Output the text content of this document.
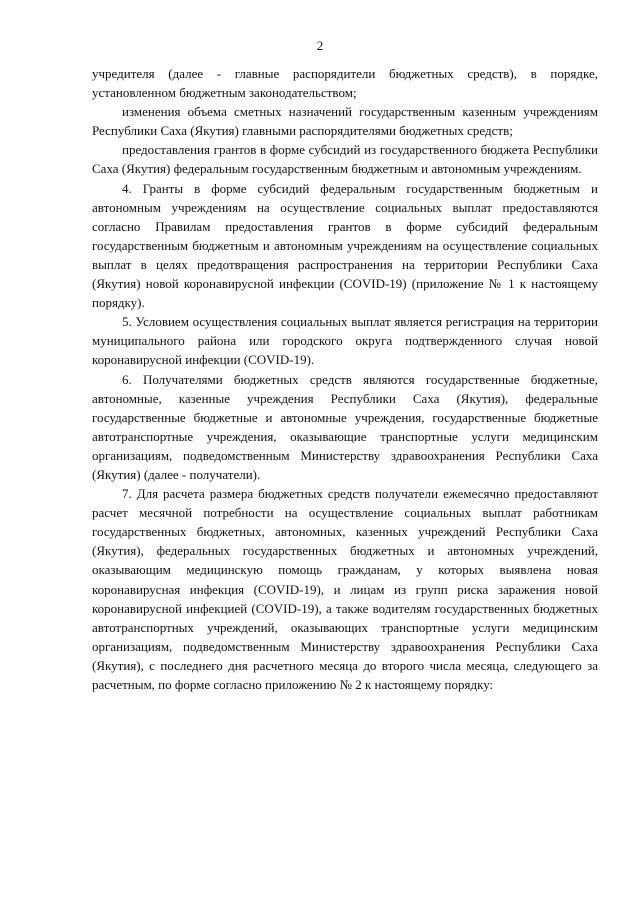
2

учредителя (далее - главные распорядители бюджетных средств), в порядке, установленном бюджетным законодательством;

изменения объема сметных назначений государственным казенным учреждениям Республики Саха (Якутия) главными распорядителями бюджетных средств;

предоставления грантов в форме субсидий из государственного бюджета Республики Саха (Якутия) федеральным государственным бюджетным и автономным учреждениям.

4. Гранты в форме субсидий федеральным государственным бюджетным и автономным учреждениям на осуществление социальных выплат предоставляются согласно Правилам предоставления грантов в форме субсидий федеральным государственным бюджетным и автономным учреждениям на осуществление социальных выплат в целях предотвращения распространения на территории Республики Саха (Якутия) новой коронавирусной инфекции (COVID-19) (приложение № 1 к настоящему порядку).

5. Условием осуществления социальных выплат является регистрация на территории муниципального района или городского округа подтвержденного случая новой коронавирусной инфекции (COVID-19).

6. Получателями бюджетных средств являются государственные бюджетные, автономные, казенные учреждения Республики Саха (Якутия), федеральные государственные бюджетные и автономные учреждения, государственные бюджетные автотранспортные учреждения, оказывающие транспортные услуги медицинским организациям, подведомственным Министерству здравоохранения Республики Саха (Якутия) (далее - получатели).

7. Для расчета размера бюджетных средств получатели ежемесячно предоставляют расчет месячной потребности на осуществление социальных выплат работникам государственных бюджетных, автономных, казенных учреждений Республики Саха (Якутия), федеральных государственных бюджетных и автономных учреждений, оказывающим медицинскую помощь гражданам, у которых выявлена новая коронавирусная инфекция (COVID-19), и лицам из групп риска заражения новой коронавирусной инфекцией (COVID-19), а также водителям государственных бюджетных автотранспортных учреждений, оказывающих транспортные услуги медицинским организациям, подведомственным Министерству здравоохранения Республики Саха (Якутия), с последнего дня расчетного месяца до второго числа месяца, следующего за расчетным, по форме согласно приложению № 2 к настоящему порядку:
